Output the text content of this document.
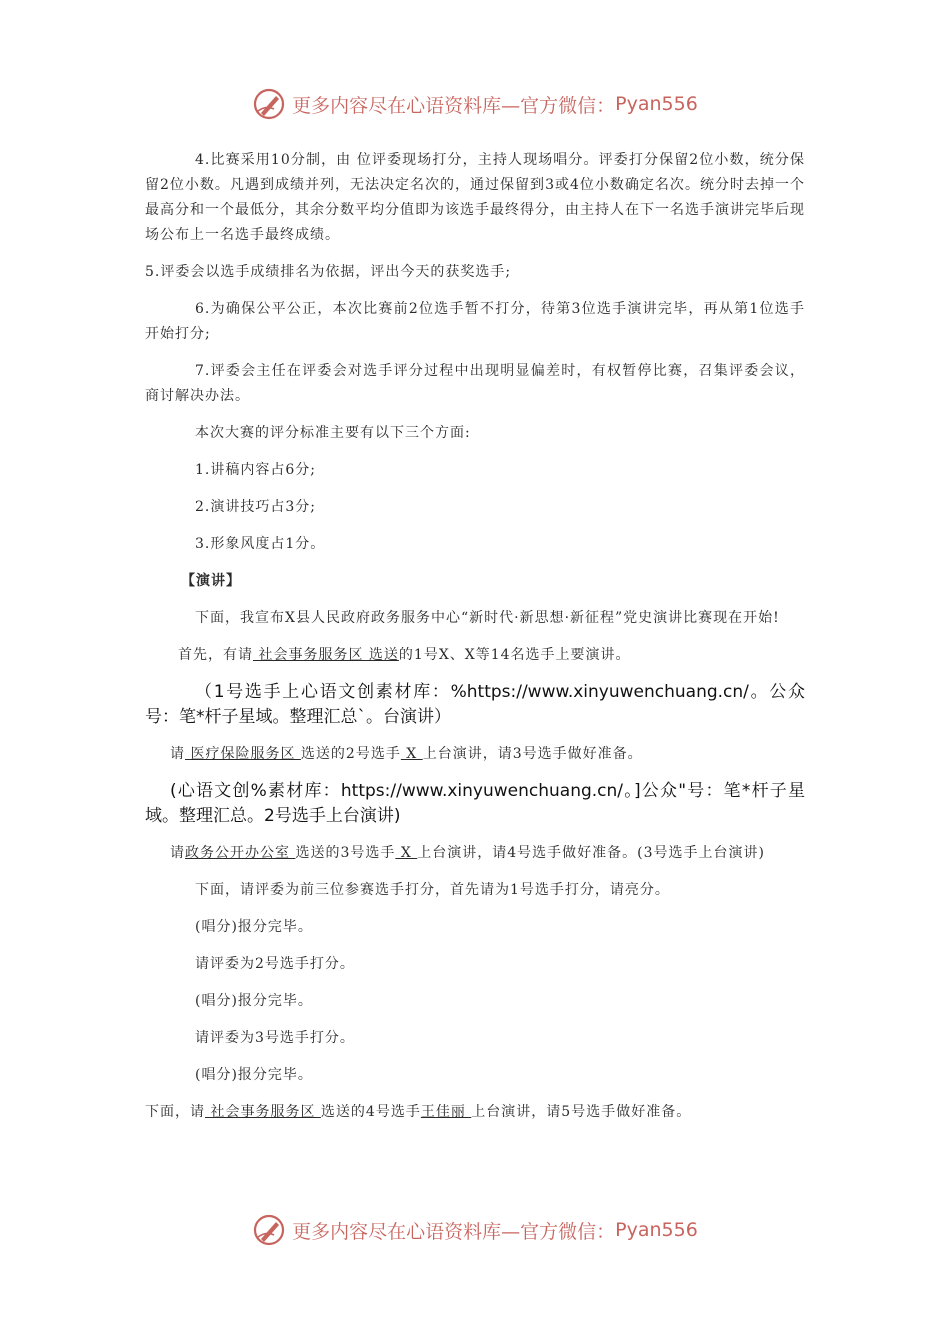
更多内容尽在心语资料库—官方微信： Pyan556

4.比赛采用10分制，由 位评委现场打分，主持人现场唱分。评委打分保留2位小数，统分保留2位小数。凡遇到成绩并列，无法决定名次的，通过保留到3或4位小数确定名次。统分时去掉一个最高分和一个最低分，其余分数平均分值即为该选手最终得分，由主持人在下一名选手演讲完毕后现场公布上一名选手最终成绩。

5.评委会以选手成绩排名为依据，评出今天的获奖选手;

6.为确保公平公正，本次比赛前2位选手暂不打分，待第3位选手演讲完毕，再从第1位选手开始打分;

7.评委会主任在评委会对选手评分过程中出现明显偏差时，有权暂停比赛，召集评委会议，商讨解决办法。

本次大赛的评分标准主要有以下三个方面:

1.讲稿内容占6分;

2.演讲技巧占3分;

3.形象风度占1分。

【演讲】

下面，我宣布X县人民政府政务服务中心“新时代·新思想·新征程”党史演讲比赛现在开始!

首先，有请 社会事务服务区 选送的1号X、X等14名选手上要演讲。

（1号选手上心语文创素材库：%https://www.xinyuwenchuang.cn/。公众号：笔*杆子星域。整理汇总`。台演讲）

请 医疗保险服务区 选送的2号选手 X 上台演讲，请3号选手做好准备。

(心语文创%素材库：https://www.xinyuwenchuang.cn/。]公众"号：笔*杆子星域。整理汇总。2号选手上台演讲)

请政务公开办公室 选送的3号选手 X 上台演讲，请4号选手做好准备。(3号选手上台演讲)

下面，请评委为前三位参赛选手打分，首先请为1号选手打分，请亮分。

(唱分)报分完毕。

请评委为2号选手打分。

(唱分)报分完毕。

请评委为3号选手打分。

(唱分)报分完毕。

下面，请 社会事务服务区 选送的4号选手王佳丽 上台演讲，请5号选手做好准备。

更多内容尽在心语资料库—官方微信： Pyan556
